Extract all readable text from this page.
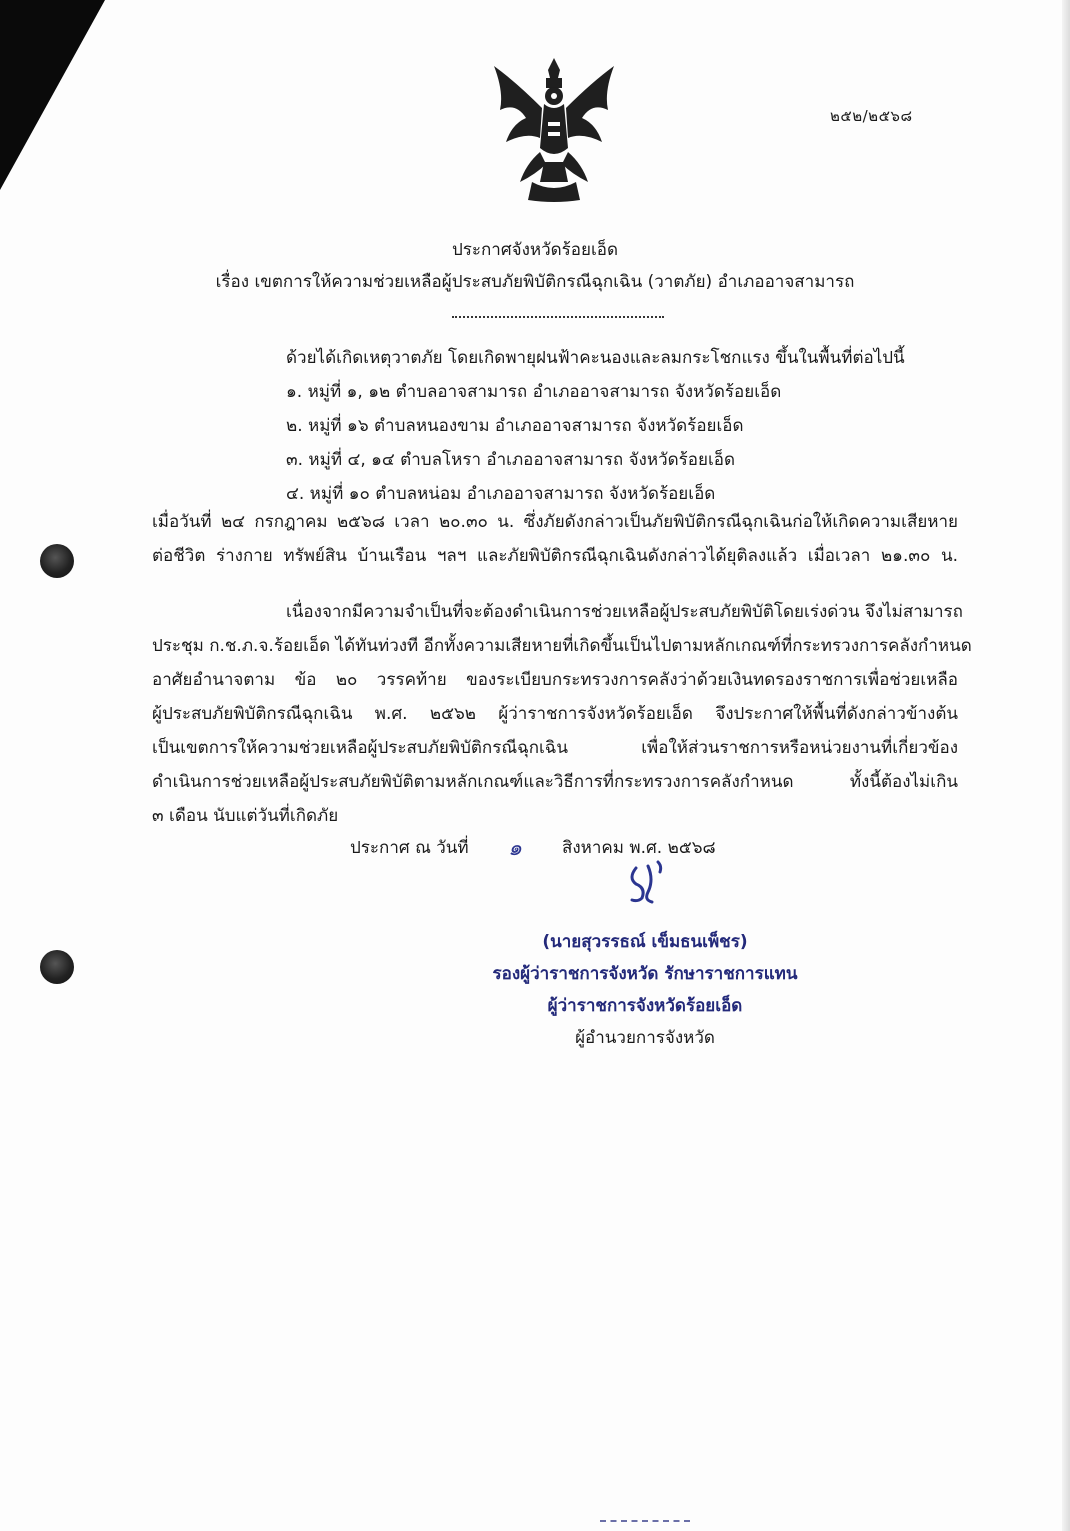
๒๕๒/๒๕๖๘
ประกาศจังหวัดร้อยเอ็ด
เรื่อง เขตการให้ความช่วยเหลือผู้ประสบภัยพิบัติกรณีฉุกเฉิน (วาตภัย) อำเภออาจสามารถ
ด้วยได้เกิดเหตุวาตภัย โดยเกิดพายุฝนฟ้าคะนองและลมกระโชกแรง ขึ้นในพื้นที่ต่อไปนี้
๑. หมู่ที่ ๑, ๑๒ ตำบลอาจสามารถ อำเภออาจสามารถ จังหวัดร้อยเอ็ด
๒. หมู่ที่ ๑๖ ตำบลหนองขาม อำเภออาจสามารถ จังหวัดร้อยเอ็ด
๓. หมู่ที่ ๔, ๑๔ ตำบลโหรา อำเภออาจสามารถ จังหวัดร้อยเอ็ด
๔. หมู่ที่ ๑๐ ตำบลหน่อม อำเภออาจสามารถ จังหวัดร้อยเอ็ด
เมื่อวันที่ ๒๔ กรกฎาคม ๒๕๖๘ เวลา ๒๐.๓๐ น. ซึ่งภัยดังกล่าวเป็นภัยพิบัติกรณีฉุกเฉินก่อให้เกิดความเสียหาย
ต่อชีวิต ร่างกาย ทรัพย์สิน บ้านเรือน ฯลฯ และภัยพิบัติกรณีฉุกเฉินดังกล่าวได้ยุติลงแล้ว เมื่อเวลา ๒๑.๓๐ น.
เนื่องจากมีความจำเป็นที่จะต้องดำเนินการช่วยเหลือผู้ประสบภัยพิบัติโดยเร่งด่วน จึงไม่สามารถ
ประชุม ก.ช.ภ.จ.ร้อยเอ็ด ได้ทันท่วงที อีกทั้งความเสียหายที่เกิดขึ้นเป็นไปตามหลักเกณฑ์ที่กระทรวงการคลังกำหนด
อาศัยอำนาจตาม ข้อ ๒๐ วรรคท้าย ของระเบียบกระทรวงการคลังว่าด้วยเงินทดรองราชการเพื่อช่วยเหลือ
ผู้ประสบภัยพิบัติกรณีฉุกเฉิน พ.ศ. ๒๕๖๒ ผู้ว่าราชการจังหวัดร้อยเอ็ด จึงประกาศให้พื้นที่ดังกล่าวข้างต้น
เป็นเขตการให้ความช่วยเหลือผู้ประสบภัยพิบัติกรณีฉุกเฉิน เพื่อให้ส่วนราชการหรือหน่วยงานที่เกี่ยวข้อง
ดำเนินการช่วยเหลือผู้ประสบภัยพิบัติตามหลักเกณฑ์และวิธีการที่กระทรวงการคลังกำหนด ทั้งนี้ต้องไม่เกิน
๓ เดือน นับแต่วันที่เกิดภัย
ประกาศ ณ วันที่ ๑ สิงหาคม พ.ศ. ๒๕๖๘
(นายสุวรรธณ์ เข็มธนเพ็ชร)
รองผู้ว่าราชการจังหวัด รักษาราชการแทน
ผู้ว่าราชการจังหวัดร้อยเอ็ด
ผู้อำนวยการจังหวัด
